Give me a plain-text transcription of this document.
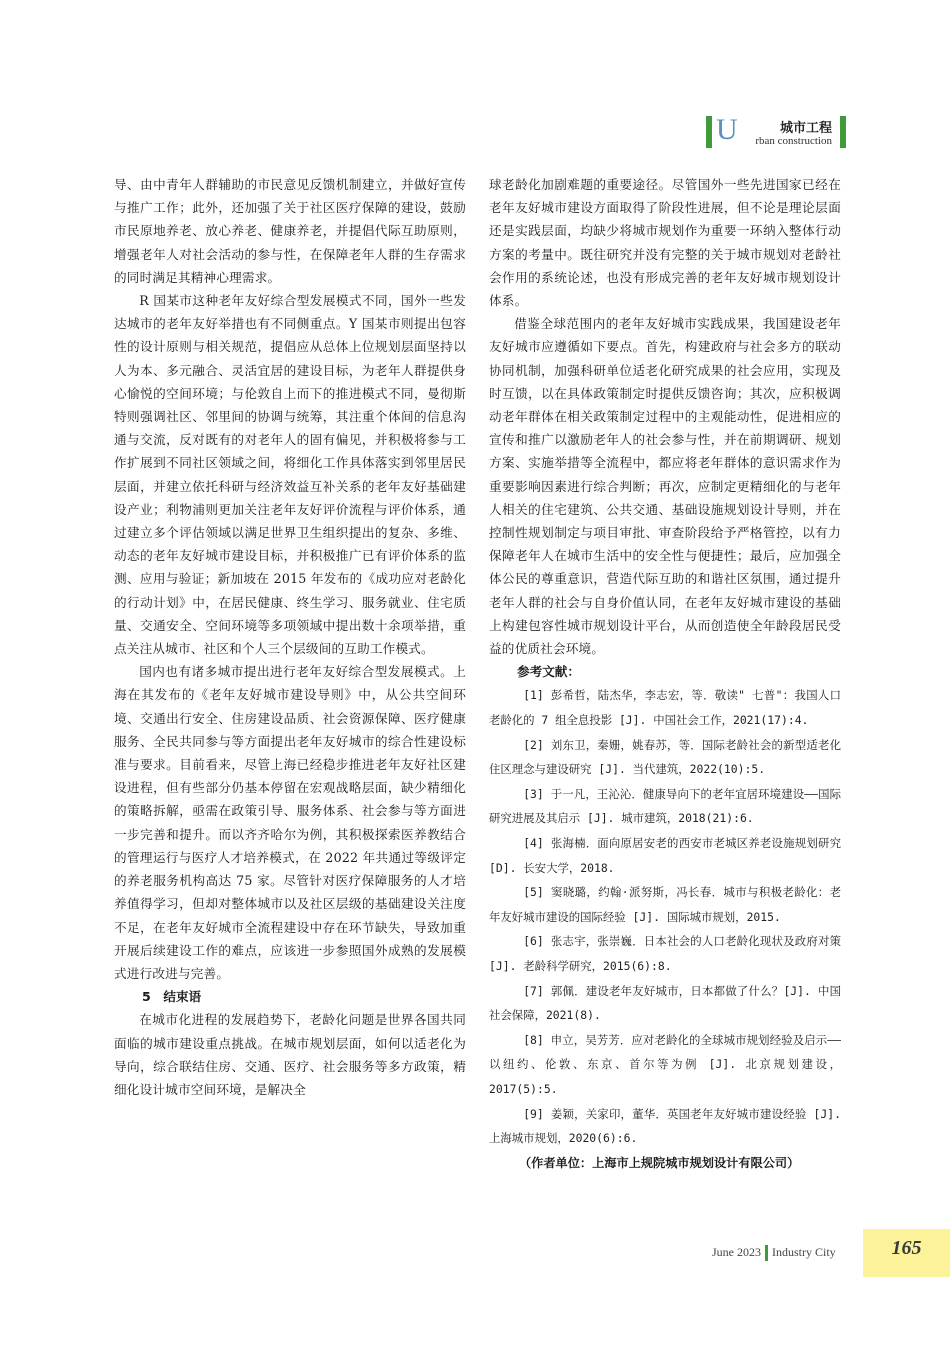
U	城市工程
rban construction

导、由中青年人群辅助的市民意见反馈机制建立，并做好宣传与推广工作；此外，还加强了关于社区医疗保障的建设，鼓励市民原地养老、放心养老、健康养老，并提倡代际互助原则，增强老年人对社会活动的参与性，在保障老年人群的生存需求的同时满足其精神心理需求。

R 国某市这种老年友好综合型发展模式不同，国外一些发达城市的老年友好举措也有不同侧重点。Y 国某市则提出包容性的设计原则与相关规范，提倡应从总体上位规划层面坚持以人为本、多元融合、灵活宜居的建设目标，为老年人群提供身心愉悦的空间环境；与伦敦自上而下的推进模式不同，曼彻斯特则强调社区、邻里间的协调与统筹，其注重个体间的信息沟通与交流，反对既有的对老年人的固有偏见，并积极将参与工作扩展到不同社区领域之间，将细化工作具体落实到邻里居民层面，并建立依托科研与经济效益互补关系的老年友好基础建设产业；利物浦则更加关注老年友好评价流程与评价体系，通过建立多个评估领域以满足世界卫生组织提出的复杂、多维、动态的老年友好城市建设目标，并积极推广已有评价体系的监测、应用与验证；新加坡在 2015 年发布的《成功应对老龄化的行动计划》中，在居民健康、终生学习、服务就业、住宅质量、交通安全、空间环境等多项领域中提出数十余项举措，重点关注从城市、社区和个人三个层级间的互助工作模式。

国内也有诸多城市提出进行老年友好综合型发展模式。上海在其发布的《老年友好城市建设导则》中，从公共空间环境、交通出行安全、住房建设品质、社会资源保障、医疗健康服务、全民共同参与等方面提出老年友好城市的综合性建设标准与要求。目前看来，尽管上海已经稳步推进老年友好社区建设进程，但有些部分仍基本停留在宏观战略层面，缺少精细化的策略拆解，亟需在政策引导、服务体系、社会参与等方面进一步完善和提升。而以齐齐哈尔为例，其积极探索医养教结合的管理运行与医疗人才培养模式，在 2022 年共通过等级评定的养老服务机构高达 75 家。尽管针对医疗保障服务的人才培养值得学习，但却对整体城市以及社区层级的基础建设关注度不足，在老年友好城市全流程建设中存在环节缺失，导致加重开展后续建设工作的难点，应该进一步参照国外成熟的发展模式进行改进与完善。

5　结束语

在城市化进程的发展趋势下，老龄化问题是世界各国共同面临的城市建设重点挑战。在城市规划层面，如何以适老化为导向，综合联结住房、交通、医疗、社会服务等多方政策，精细化设计城市空间环境，是解决全

球老龄化加剧难题的重要途径。尽管国外一些先进国家已经在老年友好城市建设方面取得了阶段性进展，但不论是理论层面还是实践层面，均缺少将城市规划作为重要一环纳入整体行动方案的考量中。既往研究并没有完整的关于城市规划对老龄社会作用的系统论述，也没有形成完善的老年友好城市规划设计体系。

借鉴全球范围内的老年友好城市实践成果，我国建设老年友好城市应遵循如下要点。首先，构建政府与社会多方的联动协同机制，加强科研单位适老化研究成果的社会应用，实现及时互馈，以在具体政策制定时提供反馈咨询；其次，应积极调动老年群体在相关政策制定过程中的主观能动性，促进相应的宣传和推广以激励老年人的社会参与性，并在前期调研、规划方案、实施举措等全流程中，都应将老年群体的意识需求作为重要影响因素进行综合判断；再次，应制定更精细化的与老年人相关的住宅建筑、公共交通、基础设施规划设计导则，并在控制性规划制定与项目审批、审查阶段给予严格管控，以有力保障老年人在城市生活中的安全性与便捷性；最后，应加强全体公民的尊重意识，营造代际互助的和谐社区氛围，通过提升老年人群的社会与自身价值认同，在老年友好城市建设的基础上构建包容性城市规划设计平台，从而创造使全年龄段居民受益的优质社会环境。

参考文献：

[1] 彭希哲，陆杰华，李志宏，等．敬读" 七普"：我国人口老龄化的 7 组全息投影 [J]. 中国社会工作，2021(17):4.

[2] 刘东卫，秦姗，姚春苏，等．国际老龄社会的新型适老化住区理念与建设研究 [J]. 当代建筑，2022(10):5.

[3] 于一凡，王沁沁．健康导向下的老年宜居环境建设——国际研究进展及其启示 [J]. 城市建筑，2018(21):6.

[4] 张海楠．面向原居安老的西安市老城区养老设施规划研究 [D]. 长安大学，2018.

[5] 窦晓璐，约翰·派努斯，冯长春．城市与积极老龄化：老年友好城市建设的国际经验 [J]. 国际城市规划，2015.

[6] 张志宇，张崇巍．日本社会的人口老龄化现状及政府对策 [J]. 老龄科学研究，2015(6):8.

[7] 郭佩．建设老年友好城市，日本都做了什么？[J]. 中国社会保障，2021(8).

[8] 申立，吴芳芳．应对老龄化的全球城市规划经验及启示——以纽约、伦敦、东京、首尔等为例 [J]. 北京规划建设，2017(5):5.

[9] 姜颖，关家印，董华．英国老年友好城市建设经验 [J]. 上海城市规划，2020(6):6.

（作者单位：上海市上规院城市规划设计有限公司）

June 2023 Industry City	165
